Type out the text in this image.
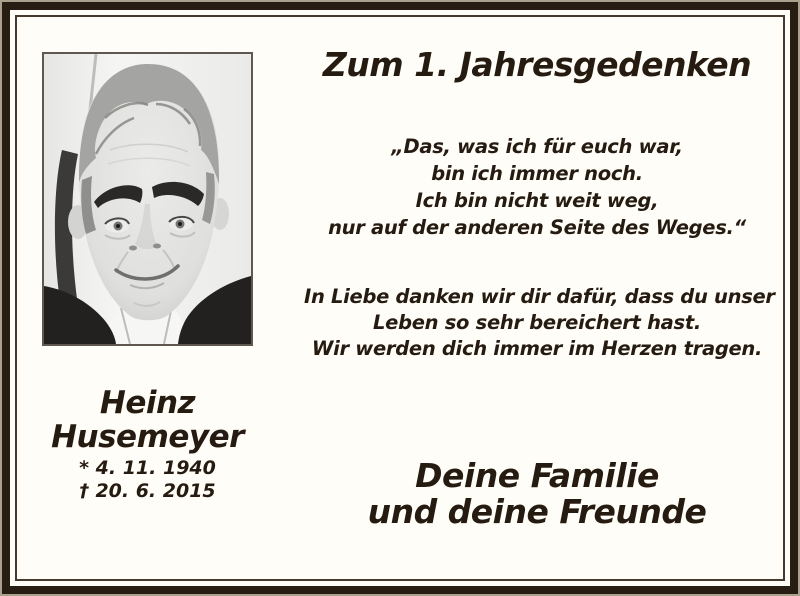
Heinz
Husemeyer
* 4. 11. 1940
† 20. 6. 2015
Zum 1. Jahresgedenken
„Das, was ich für euch war,
bin ich immer noch.
Ich bin nicht weit weg,
nur auf der anderen Seite des Weges.“
In Liebe danken wir dir dafür, dass du unser
Leben so sehr bereichert hast.
Wir werden dich immer im Herzen tragen.
Deine Familie
und deine Freunde
